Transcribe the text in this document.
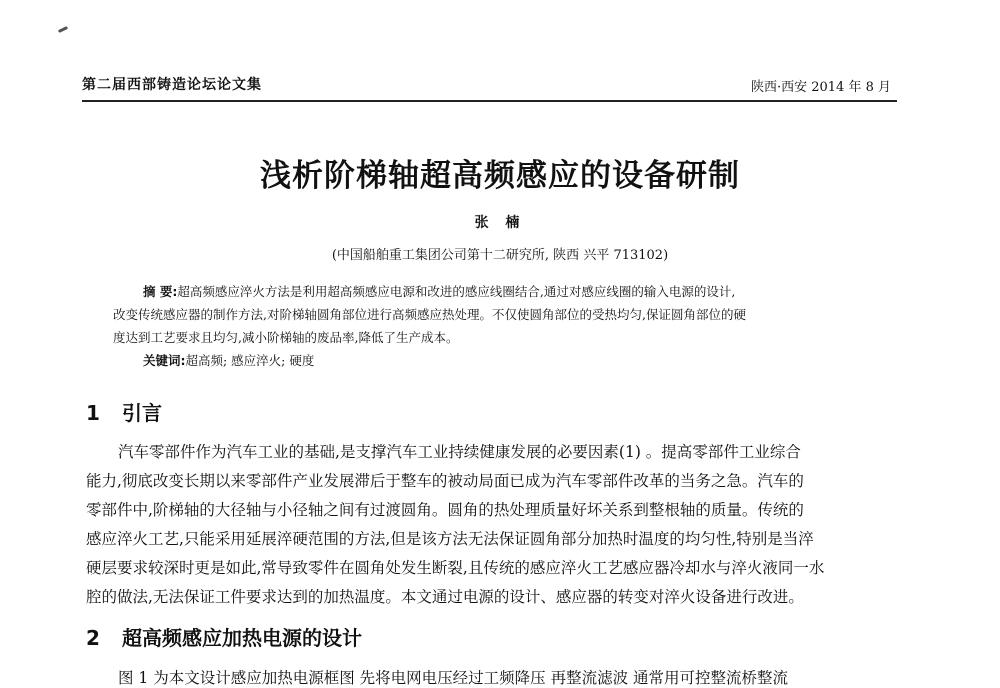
第二届西部铸造论坛论文集	陕西·西安 2014 年 8 月
浅析阶梯轴超高频感应的设备研制
张 楠
(中国船舶重工集团公司第十二研究所, 陕西 兴平 713102)
摘 要:超高频感应淬火方法是利用超高频感应电源和改进的感应线圈结合,通过对感应线圈的输入电源的设计,
改变传统感应器的制作方法,对阶梯轴圆角部位进行高频感应热处理。不仅使圆角部位的受热均匀,保证圆角部位的硬
度达到工艺要求且均匀,减小阶梯轴的废品率,降低了生产成本。
关键词:超高频; 感应淬火; 硬度
1 引言
汽车零部件作为汽车工业的基础,是支撑汽车工业持续健康发展的必要因素(1) 。提高零部件工业综合
能力,彻底改变长期以来零部件产业发展滞后于整车的被动局面已成为汽车零部件改革的当务之急。汽车的
零部件中,阶梯轴的大径轴与小径轴之间有过渡圆角。圆角的热处理质量好坏关系到整根轴的质量。传统的
感应淬火工艺,只能采用延展淬硬范围的方法,但是该方法无法保证圆角部分加热时温度的均匀性,特别是当淬
硬层要求较深时更是如此,常导致零件在圆角处发生断裂,且传统的感应淬火工艺感应器冷却水与淬火液同一水
腔的做法,无法保证工件要求达到的加热温度。本文通过电源的设计、感应器的转变对淬火设备进行改进。
2 超高频感应加热电源的设计
图 1 为本文设计感应加热电源框图 先将电网电压经过工频降压 再整流滤波 通常用可控整流桥整流
